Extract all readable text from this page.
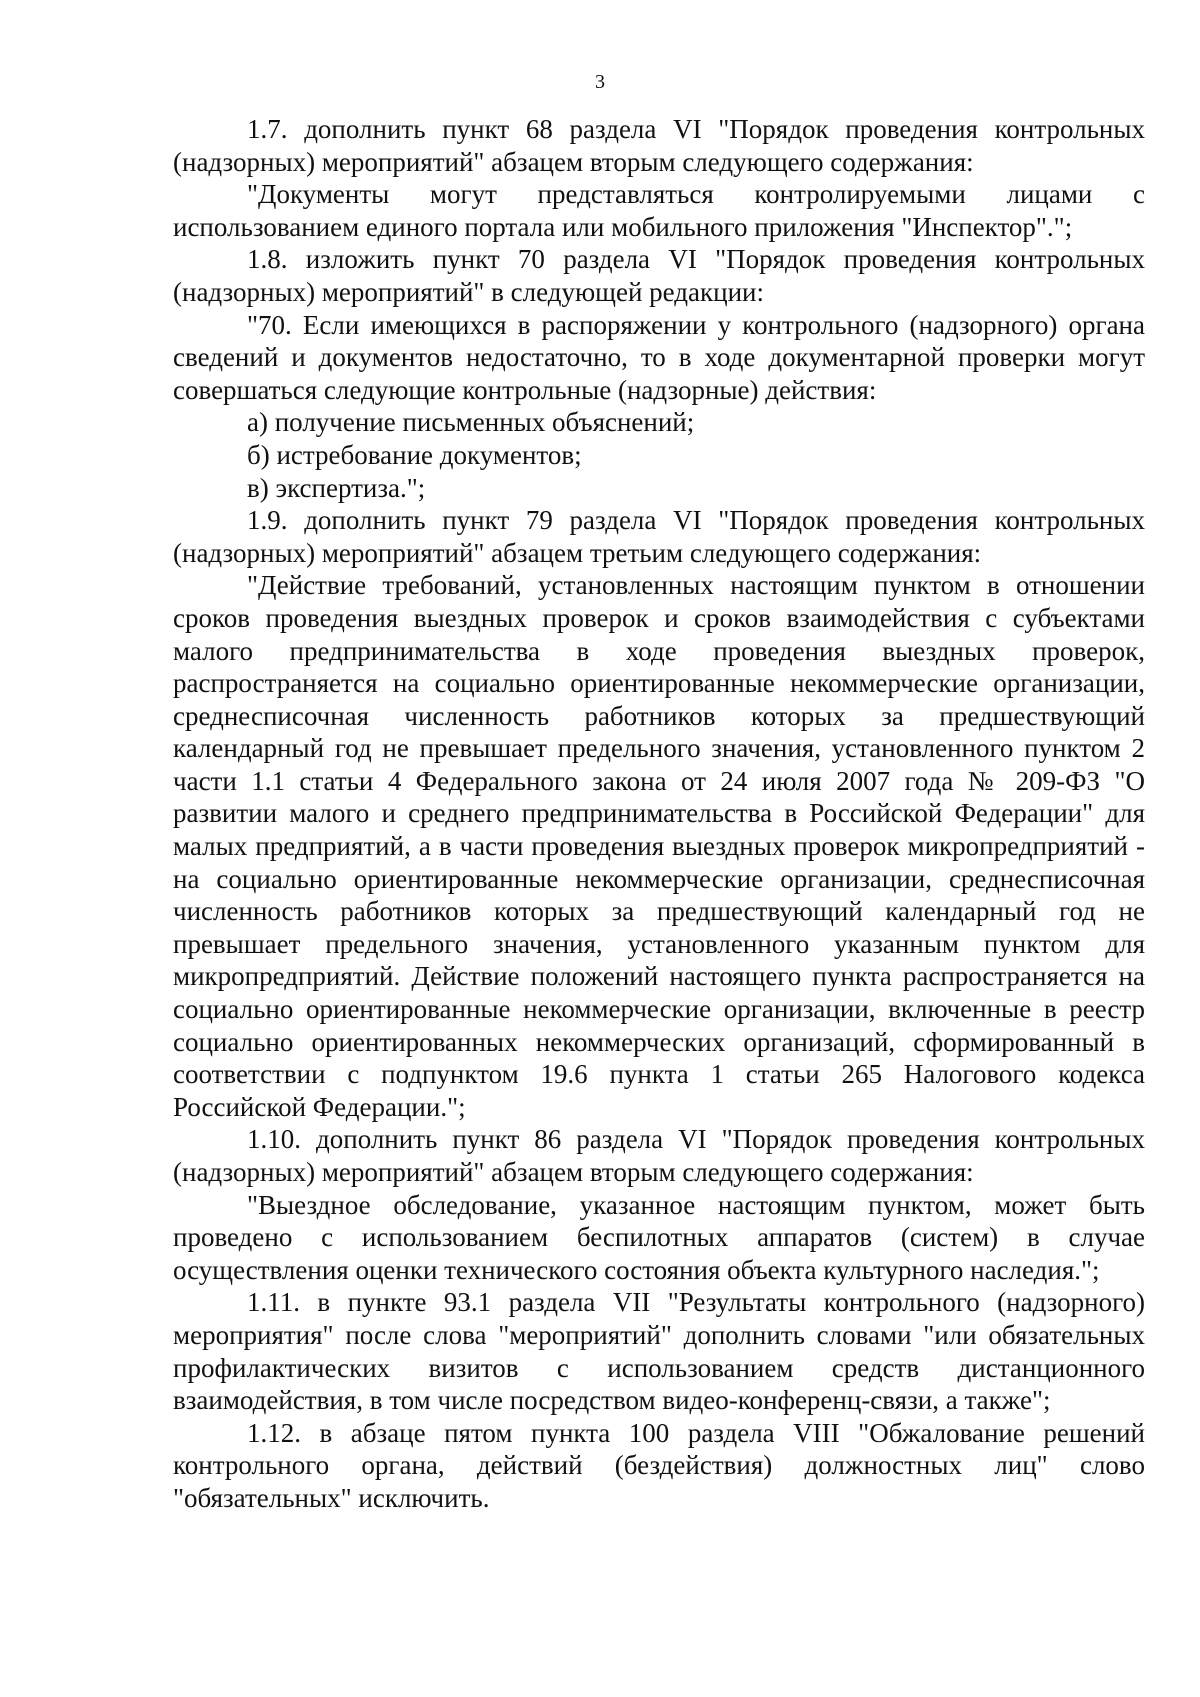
3

1.7. дополнить пункт 68 раздела VI "Порядок проведения контрольных (надзорных) мероприятий" абзацем вторым следующего содержания:

"Документы могут представляться контролируемыми лицами с использованием единого портала или мобильного приложения "Инспектор".";

1.8. изложить пункт 70 раздела VI "Порядок проведения контрольных (надзорных) мероприятий" в следующей редакции:

"70. Если имеющихся в распоряжении у контрольного (надзорного) органа сведений и документов недостаточно, то в ходе документарной проверки могут совершаться следующие контрольные (надзорные) действия:

а) получение письменных объяснений;

б) истребование документов;

в) экспертиза.";

1.9. дополнить пункт 79 раздела VI "Порядок проведения контрольных (надзорных) мероприятий" абзацем третьим следующего содержания:

"Действие требований, установленных настоящим пунктом в отношении сроков проведения выездных проверок и сроков взаимодействия с субъектами малого предпринимательства в ходе проведения выездных проверок, распространяется на социально ориентированные некоммерческие организации, среднесписочная численность работников которых за предшествующий календарный год не превышает предельного значения, установленного пунктом 2 части 1.1 статьи 4 Федерального закона от 24 июля 2007 года № 209-ФЗ "О развитии малого и среднего предпринимательства в Российской Федерации" для малых предприятий, а в части проведения выездных проверок микропредприятий - на социально ориентированные некоммерческие организации, среднесписочная численность работников которых за предшествующий календарный год не превышает предельного значения, установленного указанным пунктом для микропредприятий. Действие положений настоящего пункта распространяется на социально ориентированные некоммерческие организации, включенные в реестр социально ориентированных некоммерческих организаций, сформированный в соответствии с подпунктом 19.6 пункта 1 статьи 265 Налогового кодекса Российской Федерации.";

1.10. дополнить пункт 86 раздела VI "Порядок проведения контрольных (надзорных) мероприятий" абзацем вторым следующего содержания:

"Выездное обследование, указанное настоящим пунктом, может быть проведено с использованием беспилотных аппаратов (систем) в случае осуществления оценки технического состояния объекта культурного наследия.";

1.11. в пункте 93.1 раздела VII "Результаты контрольного (надзорного) мероприятия" после слова "мероприятий" дополнить словами "или обязательных профилактических визитов с использованием средств дистанционного взаимодействия, в том числе посредством видео-конференц-связи, а также";

1.12. в абзаце пятом пункта 100 раздела VIII "Обжалование решений контрольного органа, действий (бездействия) должностных лиц" слово "обязательных" исключить.
